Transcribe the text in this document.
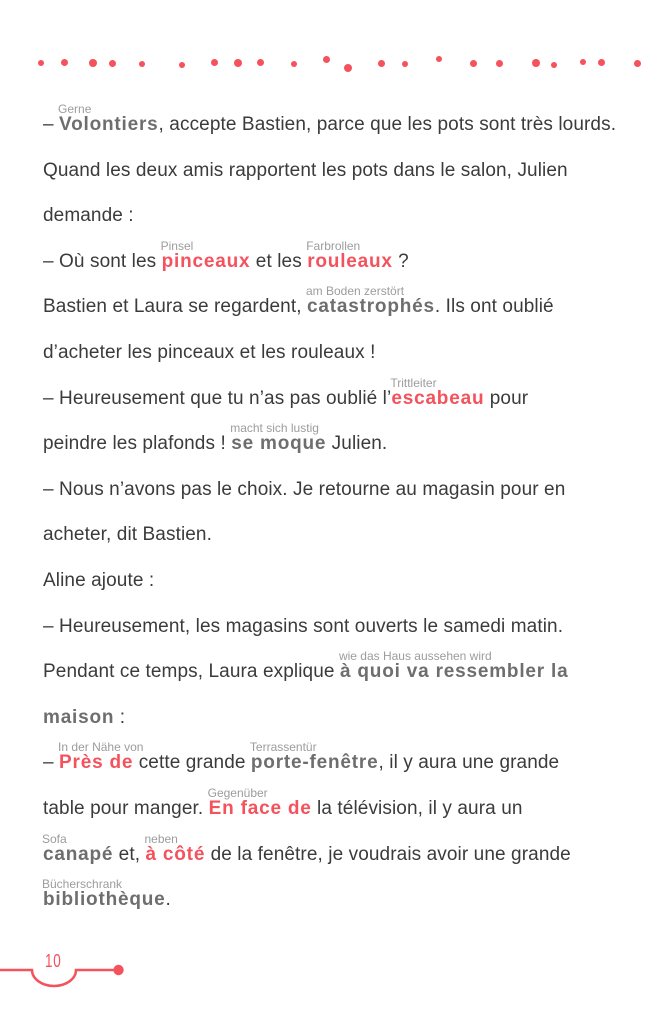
–
Gerne
Volontiers, accepte Bastien, parce que les pots sont très lourds.
Quand les deux amis rapportent les pots dans le salon, Julien
demande :
– Où sont les
Pinsel
pinceaux et les
Farbrollen
rouleaux ?
Bastien et Laura se regardent,
am Boden zerstört
catastrophés. Ils ont oublié
d’acheter les pinceaux et les rouleaux !
– Heureusement que tu n’as pas oublié l’
Trittleiter
escabeau pour
peindre les plafonds !
macht sich lustig
se moque Julien.
– Nous n’avons pas le choix. Je retourne au magasin pour en
acheter, dit Bastien.
Aline ajoute :
– Heureusement, les magasins sont ouverts le samedi matin.
Pendant ce temps, Laura explique
wie das Haus aussehen wird
à quoi va ressembler la
maison :
–
In der Nähe von
Près de cette grande
Terrassentür
porte-fenêtre, il y aura une grande
table pour manger.
Gegenüber
En face de la télévision, il y aura un
Sofa
canapé et,
neben
à côté de la fenêtre, je voudrais avoir une grande
Bücherschrank
bibliothèque.
10
